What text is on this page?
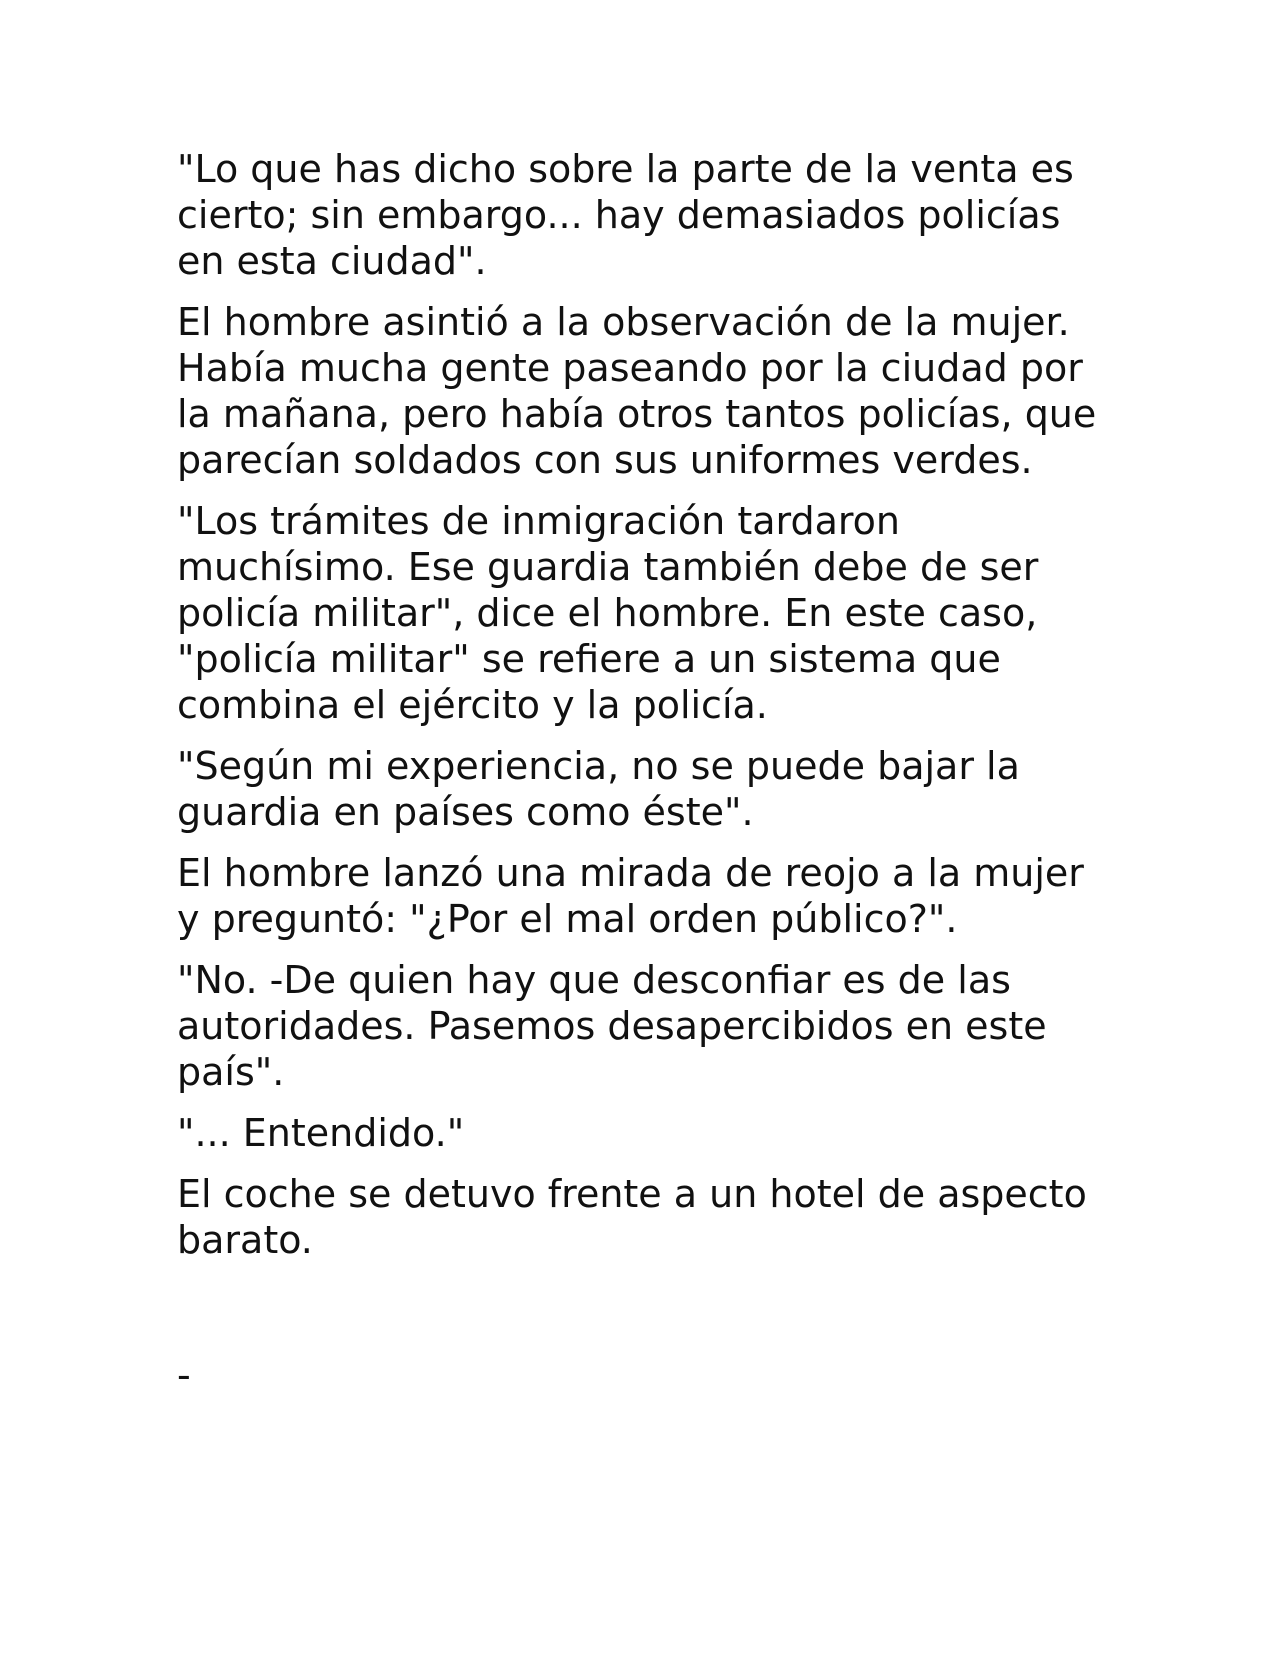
"Lo que has dicho sobre la parte de la venta es cierto; sin embargo... hay demasiados policías en esta ciudad".

El hombre asintió a la observación de la mujer. Había mucha gente paseando por la ciudad por la mañana, pero había otros tantos policías, que parecían soldados con sus uniformes verdes.

"Los trámites de inmigración tardaron muchísimo. Ese guardia también debe de ser policía militar", dice el hombre. En este caso, "policía militar" se refiere a un sistema que combina el ejército y la policía.

"Según mi experiencia, no se puede bajar la guardia en países como éste".

El hombre lanzó una mirada de reojo a la mujer y preguntó: "¿Por el mal orden público?".

"No. -De quien hay que desconfiar es de las autoridades. Pasemos desapercibidos en este país".

"... Entendido."

El coche se detuvo frente a un hotel de aspecto barato.

-
